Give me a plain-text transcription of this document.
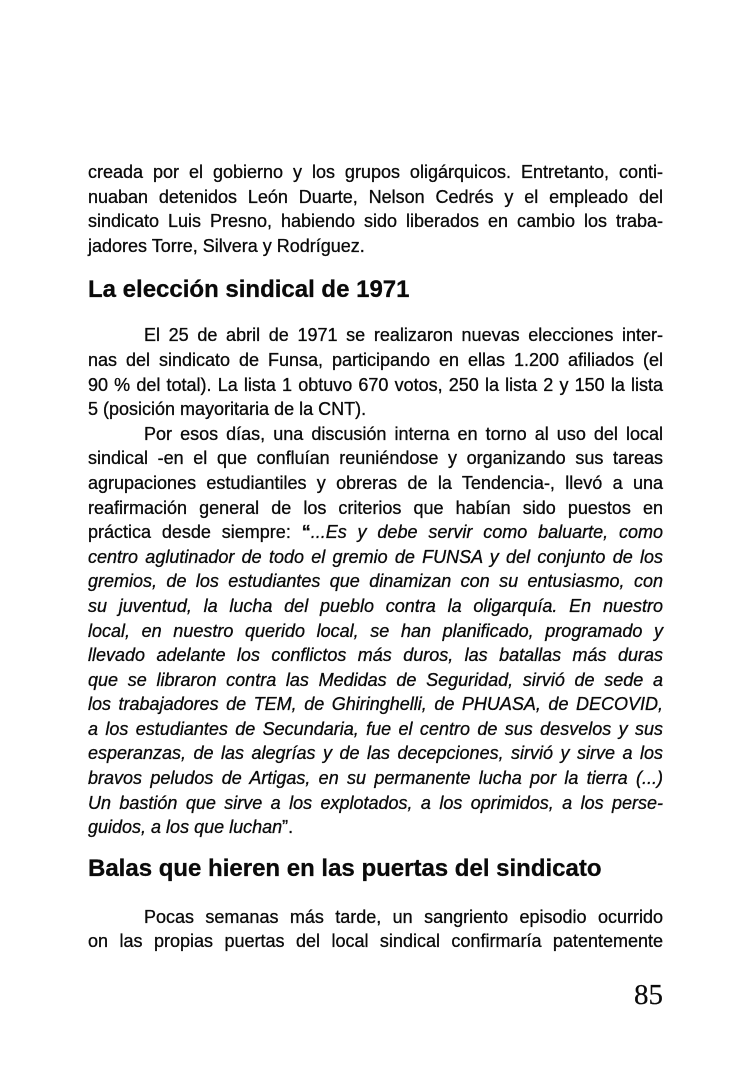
creada por el gobierno y los grupos oligárquicos. Entretanto, conti-
nuaban detenidos León Duarte, Nelson Cedrés y el empleado del
sindicato Luis Presno, habiendo sido liberados en cambio los traba-
jadores Torre, Silvera y Rodríguez.
La elección sindical de 1971
El 25 de abril de 1971 se realizaron nuevas elecciones inter-
nas del sindicato de Funsa, participando en ellas 1.200 afiliados (el
90 % del total). La lista 1 obtuvo 670 votos, 250 la lista 2 y 150 la lista
5 (posición mayoritaria de la CNT).
Por esos días, una discusión interna en torno al uso del local
sindical -en el que confluían reuniéndose y organizando sus tareas
agrupaciones estudiantiles y obreras de la Tendencia-, llevó a una
reafirmación general de los criterios que habían sido puestos en
práctica desde siempre: “...Es y debe servir como baluarte, como
centro aglutinador de todo el gremio de FUNSA y del conjunto de los
gremios, de los estudiantes que dinamizan con su entusiasmo, con
su juventud, la lucha del pueblo contra la oligarquía. En nuestro
local, en nuestro querido local, se han planificado, programado y
llevado adelante los conflictos más duros, las batallas más duras
que se libraron contra las Medidas de Seguridad, sirvió de sede a
los trabajadores de TEM, de Ghiringhelli, de PHUASA, de DECOVID,
a los estudiantes de Secundaria, fue el centro de sus desvelos y sus
esperanzas, de las alegrías y de las decepciones, sirvió y sirve a los
bravos peludos de Artigas, en su permanente lucha por la tierra (...)
Un bastión que sirve a los explotados, a los oprimidos, a los perse-
guidos, a los que luchan”.
Balas que hieren en las puertas del sindicato
Pocas semanas más tarde, un sangriento episodio ocurrido
on las propias puertas del local sindical confirmaría patentemente
85
